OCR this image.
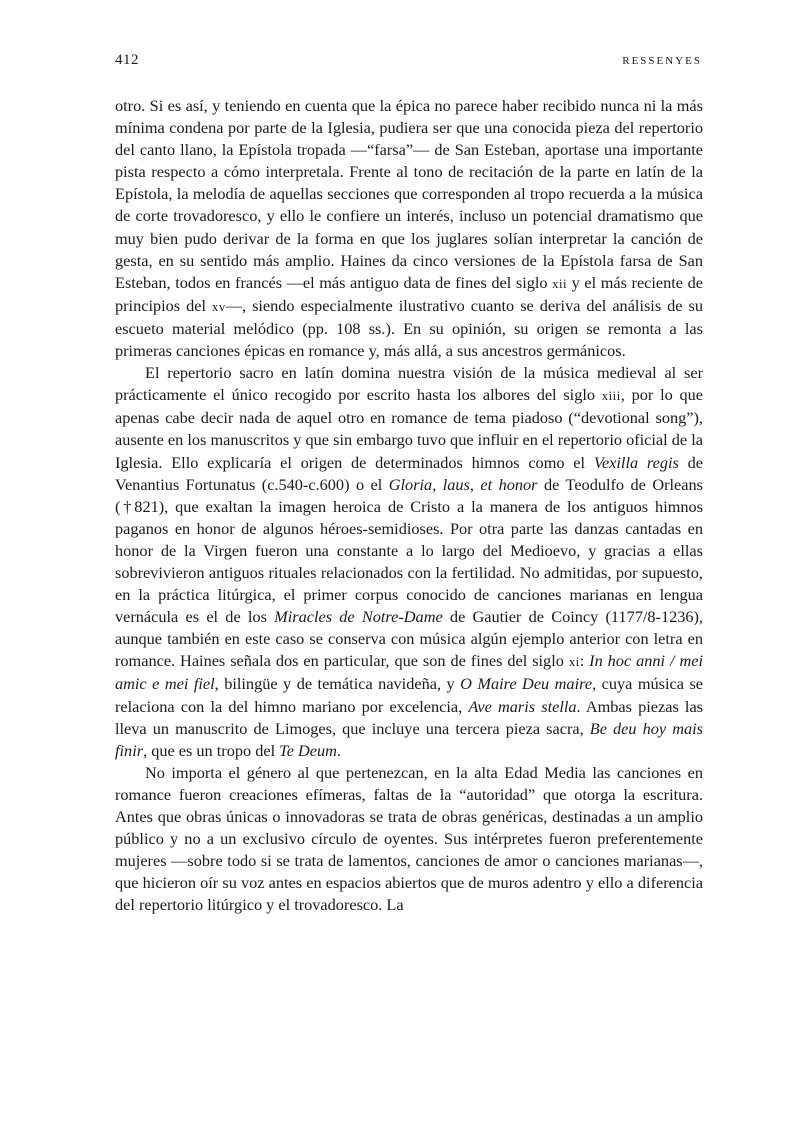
412	RESSENYES

otro. Si es así, y teniendo en cuenta que la épica no parece haber recibido nunca ni la más mínima condena por parte de la Iglesia, pudiera ser que una conocida pieza del repertorio del canto llano, la Epístola tropada —“farsa”— de San Esteban, aportase una importante pista respecto a cómo interpretala. Frente al tono de recitación de la parte en latín de la Epístola, la melodía de aquellas secciones que corresponden al tropo recuerda a la música de corte trovadoresco, y ello le confiere un interés, incluso un potencial dramatismo que muy bien pudo derivar de la forma en que los juglares solían interpretar la canción de gesta, en su sentido más amplio. Haines da cinco versiones de la Epístola farsa de San Esteban, todos en francés —el más antiguo data de fines del siglo xii y el más reciente de principios del xv—, siendo especialmente ilustrativo cuanto se deriva del análisis de su escueto material melódico (pp. 108 ss.). En su opinión, su origen se remonta a las primeras canciones épicas en romance y, más allá, a sus ancestros germánicos.

El repertorio sacro en latín domina nuestra visión de la música medieval al ser prácticamente el único recogido por escrito hasta los albores del siglo xiii, por lo que apenas cabe decir nada de aquel otro en romance de tema piadoso (“devotional song”), ausente en los manuscritos y que sin embargo tuvo que influir en el repertorio oficial de la Iglesia. Ello explicaría el origen de determinados himnos como el Vexilla regis de Venantius Fortunatus (c.540-c.600) o el Gloria, laus, et honor de Teodulfo de Orleans (†821), que exaltan la imagen heroica de Cristo a la manera de los antiguos himnos paganos en honor de algunos héroes-semidioses. Por otra parte las danzas cantadas en honor de la Virgen fueron una constante a lo largo del Medioevo, y gracias a ellas sobrevivieron antiguos rituales relacionados con la fertilidad. No admitidas, por supuesto, en la práctica litúrgica, el primer corpus conocido de canciones marianas en lengua vernácula es el de los Miracles de Notre-Dame de Gautier de Coincy (1177/8-1236), aunque también en este caso se conserva con música algún ejemplo anterior con letra en romance. Haines señala dos en particular, que son de fines del siglo xi: In hoc anni / mei amic e mei fiel, bilingüe y de temática navideña, y O Maire Deu maire, cuya música se relaciona con la del himno mariano por excelencia, Ave maris stella. Ambas piezas las lleva un manuscrito de Limoges, que incluye una tercera pieza sacra, Be deu hoy mais finir, que es un tropo del Te Deum.

No importa el género al que pertenezcan, en la alta Edad Media las canciones en romance fueron creaciones efímeras, faltas de la “autoridad” que otorga la escritura. Antes que obras únicas o innovadoras se trata de obras genéricas, destinadas a un amplio público y no a un exclusivo círculo de oyentes. Sus intérpretes fueron preferentemente mujeres —sobre todo si se trata de lamentos, canciones de amor o canciones marianas—, que hicieron oír su voz antes en espacios abiertos que de muros adentro y ello a diferencia del repertorio litúrgico y el trovadoresco. La
